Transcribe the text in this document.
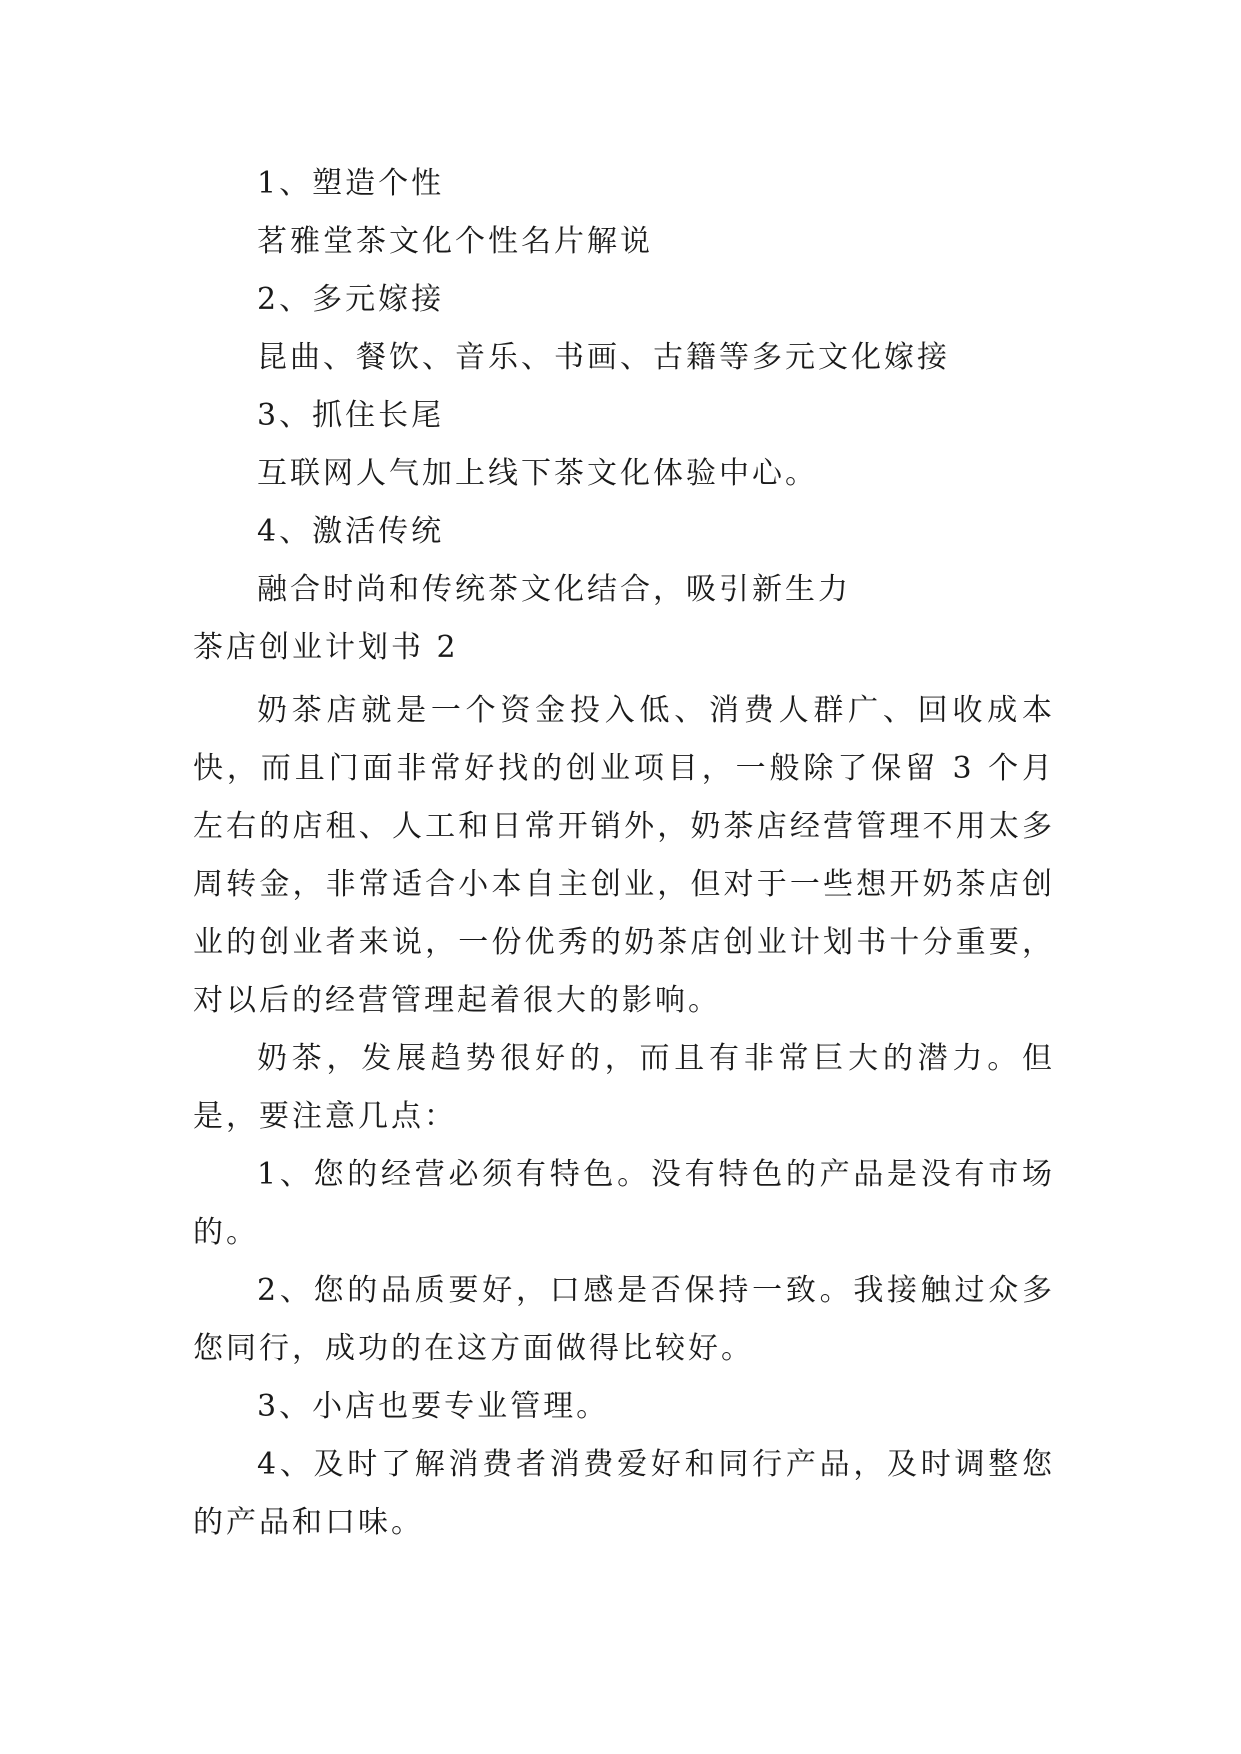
1、塑造个性
茗雅堂茶文化个性名片解说
2、多元嫁接
昆曲、餐饮、音乐、书画、古籍等多元文化嫁接
3、抓住长尾
互联网人气加上线下茶文化体验中心。
4、激活传统
融合时尚和传统茶文化结合，吸引新生力
茶店创业计划书 2
奶茶店就是一个资金投入低、消费人群广、回收成本快，而且门面非常好找的创业项目，一般除了保留 3 个月左右的店租、人工和日常开销外，奶茶店经营管理不用太多周转金，非常适合小本自主创业，但对于一些想开奶茶店创业的创业者来说，一份优秀的奶茶店创业计划书十分重要，对以后的经营管理起着很大的影响。
奶茶，发展趋势很好的，而且有非常巨大的潜力。但是，要注意几点：
1、您的经营必须有特色。没有特色的产品是没有市场的。
2、您的品质要好，口感是否保持一致。我接触过众多您同行，成功的在这方面做得比较好。
3、小店也要专业管理。
4、及时了解消费者消费爱好和同行产品，及时调整您的产品和口味。
